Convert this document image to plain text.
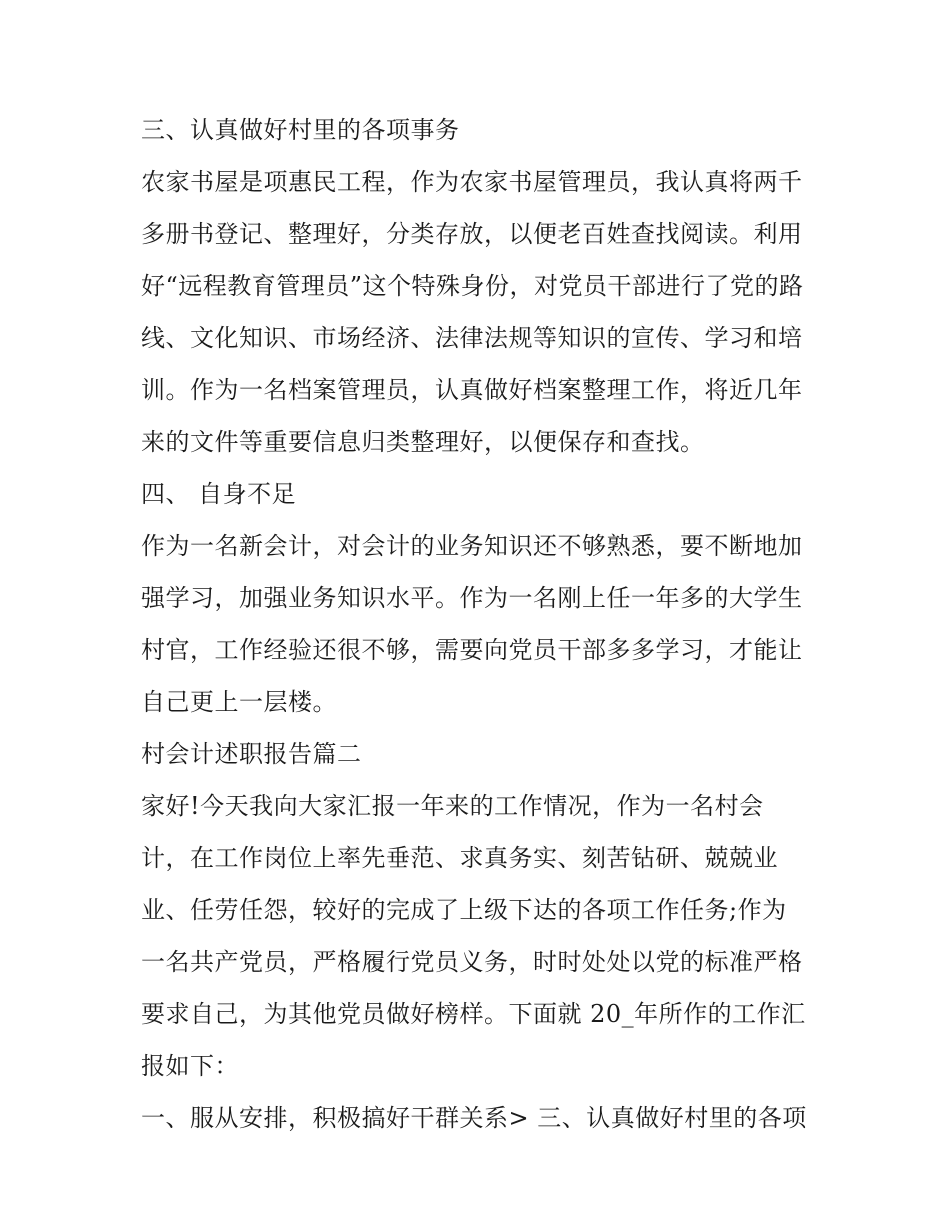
三、认真做好村里的各项事务
农家书屋是项惠民工程，作为农家书屋管理员，我认真将两千
多册书登记、整理好，分类存放，以便老百姓查找阅读。利用
好“远程教育管理员”这个特殊身份，对党员干部进行了党的路
线、文化知识、市场经济、法律法规等知识的宣传、学习和培
训。作为一名档案管理员，认真做好档案整理工作，将近几年
来的文件等重要信息归类整理好，以便保存和查找。
四、 自身不足
作为一名新会计，对会计的业务知识还不够熟悉，要不断地加
强学习，加强业务知识水平。作为一名刚上任一年多的大学生
村官，工作经验还很不够，需要向党员干部多多学习，才能让
自己更上一层楼。
村会计述职报告篇二
家好!今天我向大家汇报一年来的工作情况，作为一名村会
计，在工作岗位上率先垂范、求真务实、刻苦钻研、兢兢业
业、任劳任怨，较好的完成了上级下达的各项工作任务;作为
一名共产党员，严格履行党员义务，时时处处以党的标准严格
要求自己，为其他党员做好榜样。下面就 20_年所作的工作汇
报如下：
一、服从安排，积极搞好干群关系> 三、认真做好村里的各项
